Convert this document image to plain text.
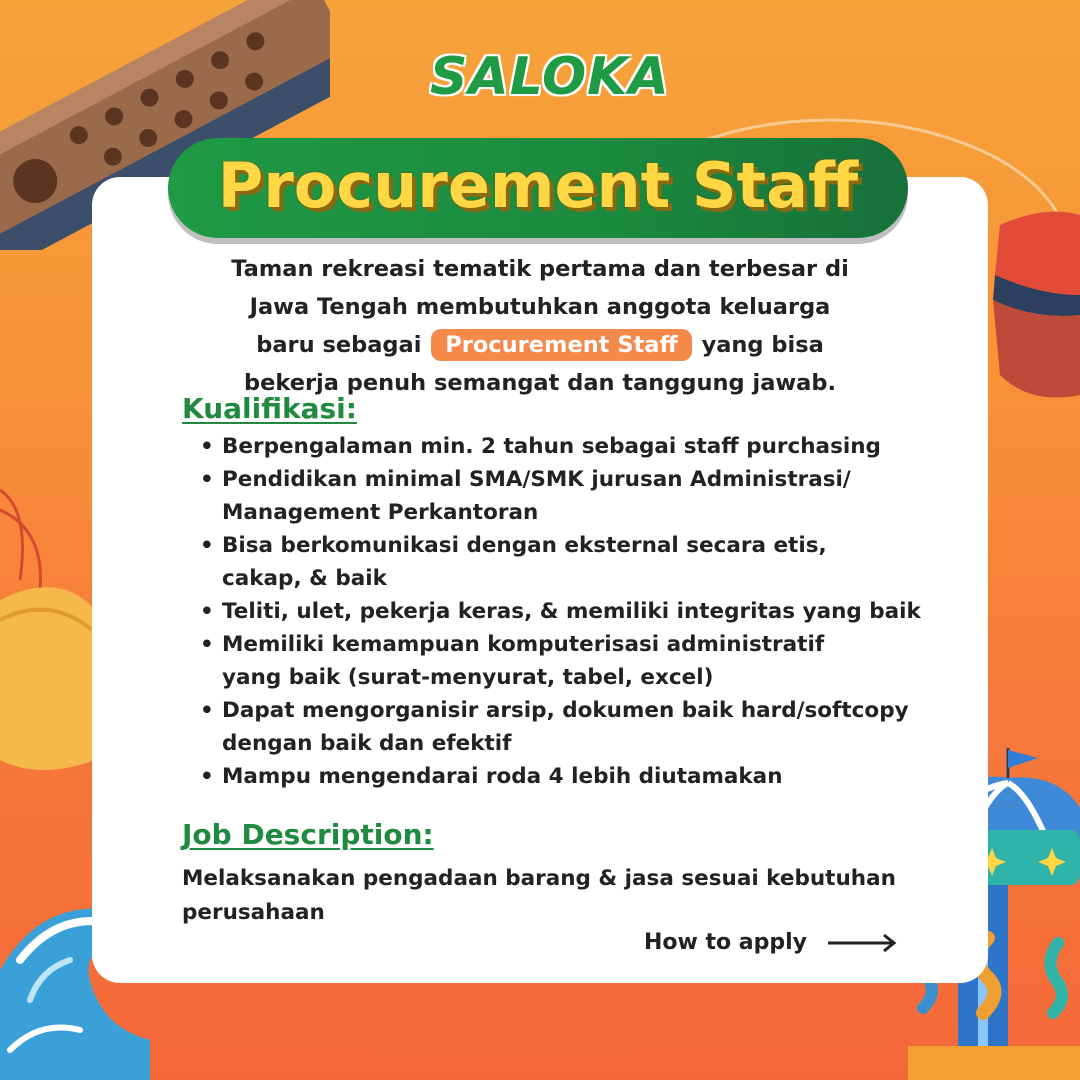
SALOKA
Procurement Staff
Taman rekreasi tematik pertama dan terbesar di
Jawa Tengah membutuhkan anggota keluarga
baru sebagai Procurement Staff yang bisa
bekerja penuh semangat dan tanggung jawab.
Kualifikasi:
• Berpengalaman min. 2 tahun sebagai staff purchasing
• Pendidikan minimal SMA/SMK jurusan Administrasi/ Management Perkantoran
• Bisa berkomunikasi dengan eksternal secara etis, cakap, & baik
• Teliti, ulet, pekerja keras, & memiliki integritas yang baik
• Memiliki kemampuan komputerisasi administratif yang baik (surat-menyurat, tabel, excel)
• Dapat mengorganisir arsip, dokumen baik hard/softcopy dengan baik dan efektif
• Mampu mengendarai roda 4 lebih diutamakan
Job Description:
Melaksanakan pengadaan barang & jasa sesuai kebutuhan perusahaan
How to apply
